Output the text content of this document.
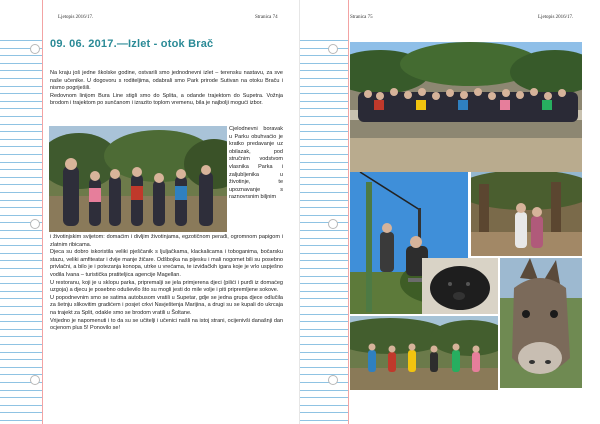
Ljetopis 2016/17.	Stranica 74
09. 06. 2017.—Izlet - otok Brač

Na kraju još jedne školske godine, ostvarili smo jednodnevni izlet – terensku nastavu, za sve naše učenike. U dogovoru s roditeljima, odabrali smo Park prirode Sutivan na otoku Braču i nismo pogriješili.

Redovnom linijom Bura Line stigli smo do Splita, a odande trajektom do Supetra. Vožnja brodom i trajektom po sunčanom i izrazito toplom vremenu, bila je najbolji mogući izbor.

Cjelodnevni boravak u Parku obuhvaćio je kratko predavanje uz obilazak, pod stručnim vodstvom vlasnika Parka i zaljubljenika u životinje, te upoznavanje s raznovrsnim biljnim

i životinjskim svijetom: domaćim i divljim životinjama, egzotičnom perađi, ogromnom papigom i zlatnim ribicama.

Djeca su dobro iskoristila veliki pješčanik s ljuljačkama, klackalicama i toboganima, bočarsku stazu, veliki amfiteatar i dvije manje žičare. Odšbojka na pijesku i mali nogomet bili su posebno privlačni, a bilo je i potezanja konopa, utrke u vrećama, te izviđačkih igara koje je vrlo uspješno vodila Ivana – turistička pratiteljica agencije Magellan.

U restoranu, koji je u sklopu parka, pripremalji se jela primjerena djeci (pilići i purđi iz domaćeg uzgoja) a djecu je posebno oduševilo što su mogli jesti do mile volje i piti pripremljene sokove.

U popodnevnim smo se satima autobusom vratili u Supetar, gdje se jedna grupa djece odlučila za šetnju slikovitim gradićem i posjet crkvi Navještenja Marijina, a drugi su se kupali do ukrcaja na trajekt za Split, odakle smo se brodom vratili u Šoltane.

Vrijedno je napomenuti i to da su se učitelji i učenici našli na istoj strani, ocijenivši današnji dan ocjenom plus 5! Ponovilo se!

Stranica 75	Ljetopis 2016/17.
